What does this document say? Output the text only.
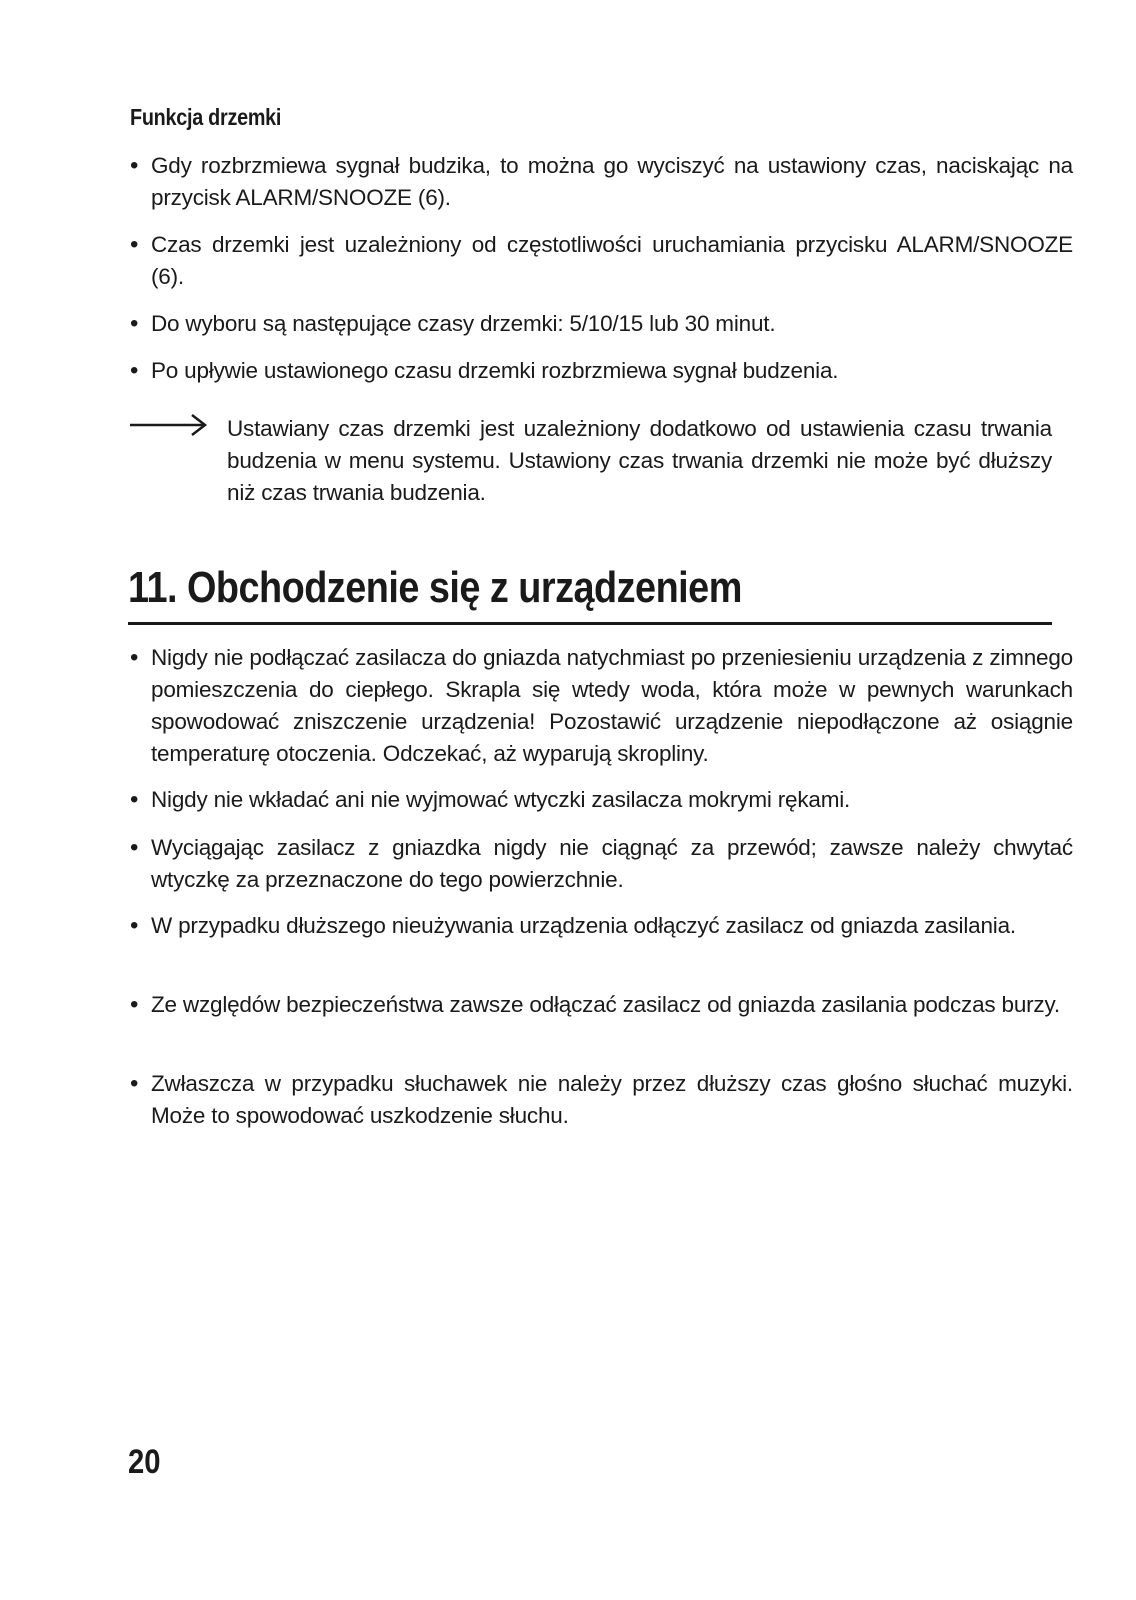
Funkcja drzemki
• Gdy rozbrzmiewa sygnał budzika, to można go wyciszyć na ustawiony czas, naciskając na przycisk ALARM/SNOOZE (6).
• Czas drzemki jest uzależniony od częstotliwości uruchamiania przycisku ALARM/SNOOZE (6).
• Do wyboru są następujące czasy drzemki: 5/10/15 lub 30 minut.
• Po upływie ustawionego czasu drzemki rozbrzmiewa sygnał budzenia.
Ustawiany czas drzemki jest uzależniony dodatkowo od ustawienia czasu trwania budzenia w menu systemu. Ustawiony czas trwania drzemki nie może być dłuższy niż czas trwania budzenia.
11. Obchodzenie się z urządzeniem
• Nigdy nie podłączać zasilacza do gniazda natychmiast po przeniesieniu urządzenia z zimnego pomieszczenia do ciepłego. Skrapla się wtedy woda, która może w pewnych warunkach spowodować zniszczenie urządzenia! Pozostawić urządzenie niepodłączone aż osiągnie temperaturę otoczenia. Odczekać, aż wyparują skropliny.
• Nigdy nie wkładać ani nie wyjmować wtyczki zasilacza mokrymi rękami.
• Wyciągając zasilacz z gniazdka nigdy nie ciągnąć za przewód; zawsze należy chwytać wtyczkę za przeznaczone do tego powierzchnie.
• W przypadku dłuższego nieużywania urządzenia odłączyć zasilacz od gniazda zasilania.
• Ze względów bezpieczeństwa zawsze odłączać zasilacz od gniazda zasilania podczas burzy.
• Zwłaszcza w przypadku słuchawek nie należy przez dłuższy czas głośno słuchać muzyki. Może to spowodować uszkodzenie słuchu.
20
